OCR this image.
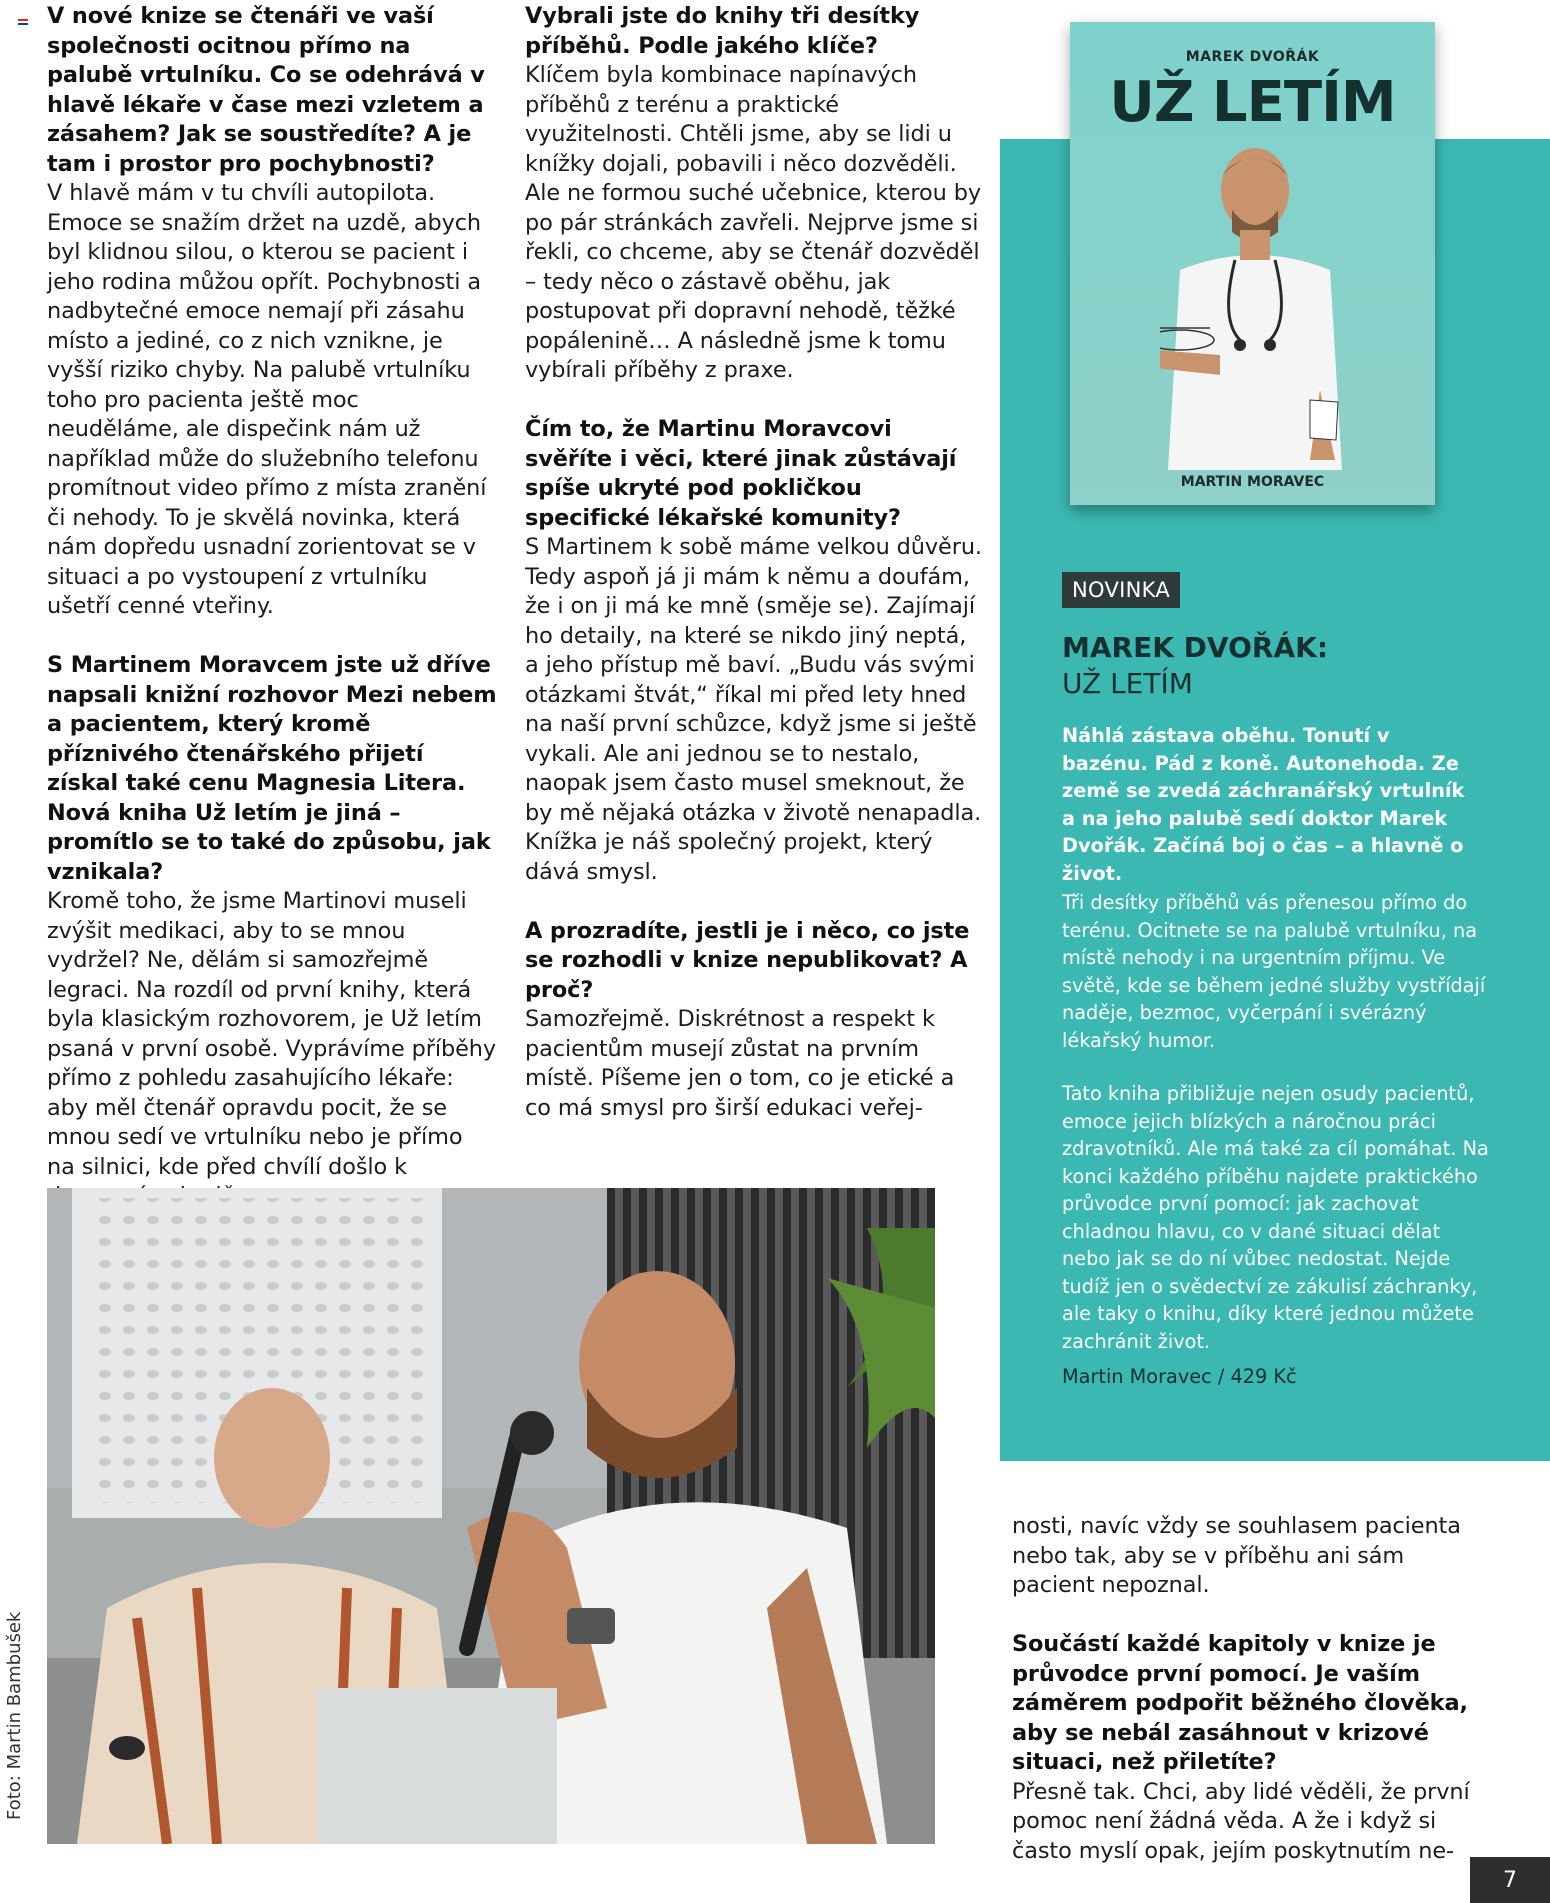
V nové knize se čtenáři ve vaší společnosti ocitnou přímo na palubě vrtulníku. Co se odehrává v hlavě lékaře v čase mezi vzletem a zásahem? Jak se soustředíte? A je tam i prostor pro pochybnosti?

V hlavě mám v tu chvíli autopilota. Emoce se snažím držet na uzdě, abych byl klidnou silou, o kterou se pacient i jeho rodina můžou opřít. Pochybnosti a nadbytečné emoce nemají při zásahu místo a jediné, co z nich vznikne, je vyšší riziko chyby. Na palubě vrtulníku toho pro pacienta ještě moc neuděláme, ale dispečink nám už například může do služebního telefonu promítnout video přímo z místa zranění či nehody. To je skvělá novinka, která nám dopředu usnadní zorientovat se v situaci a po vystoupení z vrtulníku ušetří cenné vteřiny.

S Martinem Moravcem jste už dříve napsali knižní rozhovor Mezi nebem a pacientem, který kromě příznivého čtenářského přijetí získal také cenu Magnesia Litera. Nová kniha Už letím je jiná – promítlo se to také do způsobu, jak vznikala?

Kromě toho, že jsme Martinovi museli zvýšit medikaci, aby to se mnou vydržel? Ne, dělám si samozřejmě legraci. Na rozdíl od první knihy, která byla klasickým rozhovorem, je Už letím psaná v první osobě. Vyprávíme příběhy přímo z pohledu zasahujícího lékaře: aby měl čtenář opravdu pocit, že se mnou sedí ve vrtulníku nebo je přímo na silnici, kde před chvílí došlo k

Vybrali jste do knihy tři desítky příběhů. Podle jakého klíče?

Klíčem byla kombinace napínavých příběhů z terénu a praktické využitelnosti. Chtěli jsme, aby se lidi u knížky dojali, pobavili i něco dozvěděli. Ale ne formou suché učebnice, kterou by po pár stránkách zavřeli. Nejprve jsme si řekli, co chceme, aby se čtenář dozvěděl – tedy něco o zástavě oběhu, jak postupovat při dopravní nehodě, těžké popálenině… A následně jsme k tomu vybírali příběhy z praxe.

Čím to, že Martinu Moravcovi svěříte i věci, které jinak zůstávají spíše ukryté pod pokličkou specifické lékařské komunity?

S Martinem k sobě máme velkou důvěru. Tedy aspoň já ji mám k němu a doufám, že i on ji má ke mně (směje se). Zajímají ho detaily, na které se nikdo jiný neptá, a jeho přístup mě baví. „Budu vás svými otázkami štvát,“ říkal mi před lety hned na naší první schůzce, když jsme si ještě vykali. Ale ani jednou se to nestalo, naopak jsem často musel smeknout, že by mě nějaká otázka v životě nenapadla. Knížka je náš společný projekt, který dává smysl.

A prozradíte, jestli je i něco, co jste se rozhodli v knize nepublikovat? A proč?

Samozřejmě. Diskrétnost a respekt k pacientům musejí zůstat na prvním místě. Píšeme jen o tom, co je etické a co má smysl pro širší edukaci veřej-

MAREK DVOŘÁK
UŽ LETÍM
MARTIN MORAVEC
NOVINKA
MAREK DVOŘÁK:
UŽ LETÍM

Náhlá zástava oběhu. Tonutí v bazénu. Pád z koně. Autonehoda. Ze země se zvedá záchranářský vrtulník a na jeho palubě sedí doktor Marek Dvořák. Začíná boj o čas – a hlavně o život.

Tři desítky příběhů vás přenesou přímo do terénu. Ocitnete se na palubě vrtulníku, na místě nehody i na urgentním příjmu. Ve světě, kde se během jedné služby vystřídají naděje, bezmoc, vyčerpání i svérázný lékařský humor.

Tato kniha přibližuje nejen osudy pacientů, emoce jejich blízkých a náročnou práci zdravotníků. Ale má také za cíl pomáhat. Na konci každého příběhu najdete praktického průvodce první pomocí: jak zachovat chladnou hlavu, co v dané situaci dělat nebo jak se do ní vůbec nedostat. Nejde tudíž jen o svědectví ze zákulisí záchranky, ale taky o knihu, díky které jednou můžete zachránit život.

Martin Moravec / 429 Kč
Foto: Martin Bambušek

nosti, navíc vždy se souhlasem pacienta nebo tak, aby se v příběhu ani sám pacient nepoznal.

Součástí každé kapitoly v knize je průvodce první pomocí. Je vaším záměrem podpořit běžného člověka, aby se nebál zasáhnout v krizové situaci, než přiletíte?

Přesně tak. Chci, aby lidé věděli, že první pomoc není žádná věda. A že i když si často myslí opak, jejím poskytnutím ne-

7
